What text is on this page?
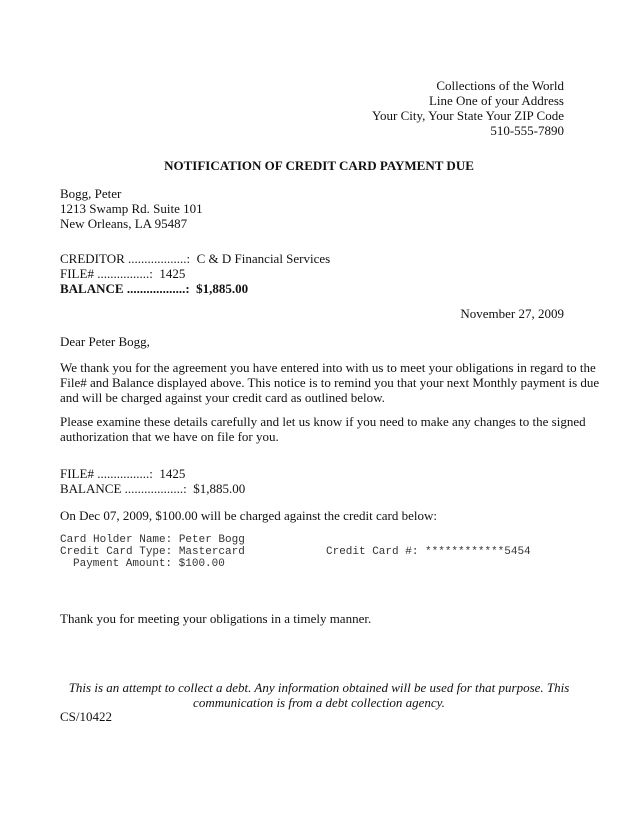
Collections of the World
Line One of your Address
Your City, Your State Your ZIP Code
510-555-7890
NOTIFICATION OF CREDIT CARD PAYMENT DUE
Bogg, Peter
1213 Swamp Rd. Suite 101
New Orleans, LA 95487
CREDITOR ..................: C & D Financial Services
FILE# ................: 1425
BALANCE ..................: $1,885.00
November 27, 2009
Dear Peter Bogg,
We thank you for the agreement you have entered into with us to meet your obligations in regard to the
File# and Balance displayed above. This notice is to remind you that your next Monthly payment is due
and will be charged against your credit card as outlined below.
Please examine these details carefully and let us know if you need to make any changes to the signed
authorization that we have on file for you.
FILE# ................: 1425
BALANCE ..................: $1,885.00
On Dec 07, 2009, $100.00 will be charged against the credit card below:
Card Holder Name: Peter Bogg
Credit Card Type: Mastercard	Credit Card #: ************5454
Payment Amount: $100.00
Thank you for meeting your obligations in a timely manner.
This is an attempt to collect a debt. Any information obtained will be used for that purpose. This
communication is from a debt collection agency.
CS/10422
